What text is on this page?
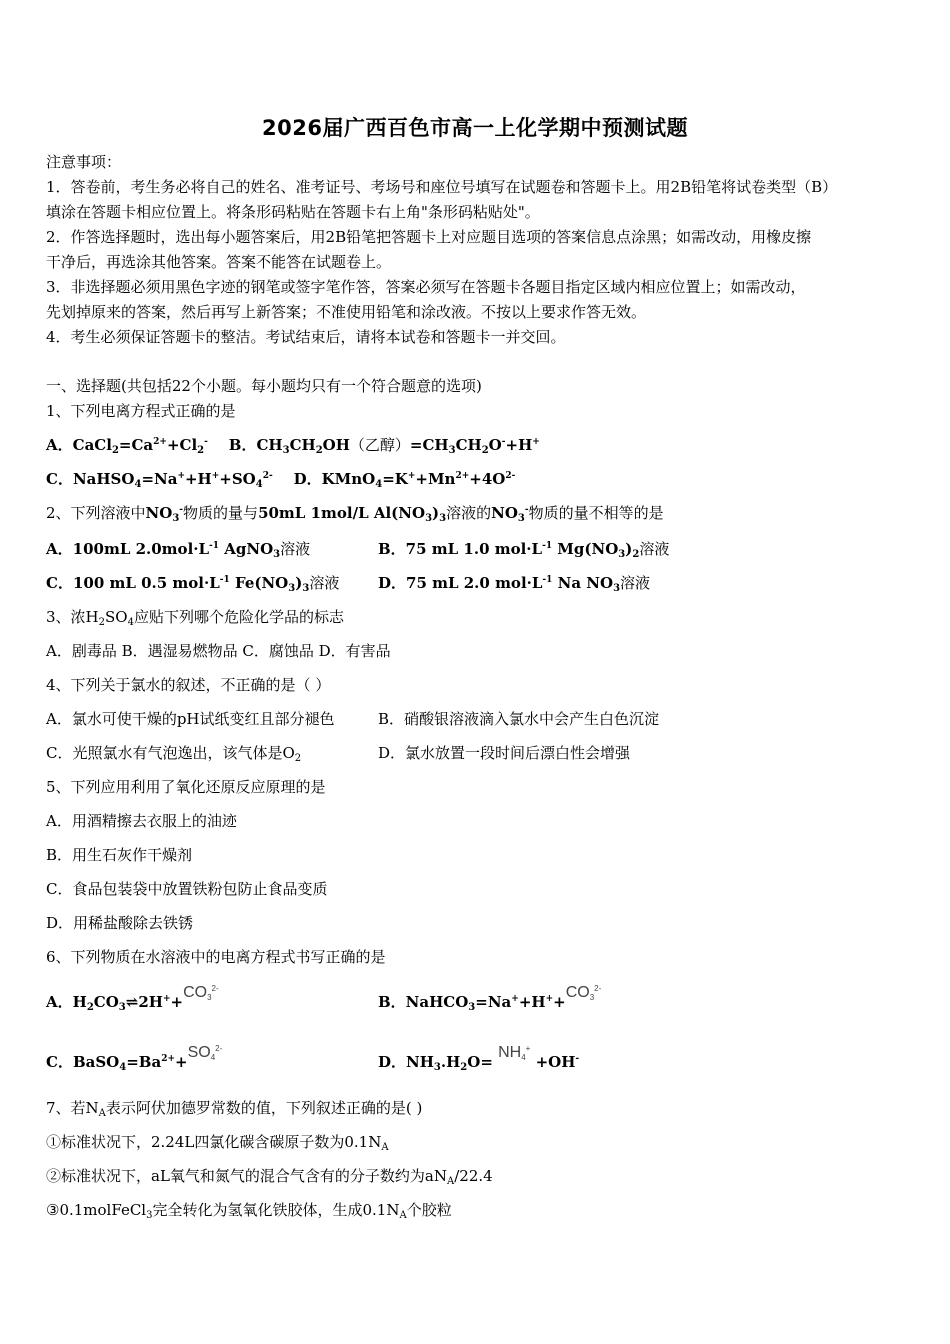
2026届广西百色市高一上化学期中预测试题
注意事项：
1．答卷前，考生务必将自己的姓名、准考证号、考场号和座位号填写在试题卷和答题卡上。用2B铅笔将试卷类型（B）
填涂在答题卡相应位置上。将条形码粘贴在答题卡右上角"条形码粘贴处"。
2．作答选择题时，选出每小题答案后，用2B铅笔把答题卡上对应题目选项的答案信息点涂黑；如需改动，用橡皮擦
干净后，再选涂其他答案。答案不能答在试题卷上。
3．非选择题必须用黑色字迹的钢笔或签字笔作答，答案必须写在答题卡各题目指定区域内相应位置上；如需改动，
先划掉原来的答案，然后再写上新答案；不准使用铅笔和涂改液。不按以上要求作答无效。
4．考生必须保证答题卡的整洁。考试结束后，请将本试卷和答题卡一并交回。
一、选择题(共包括22个小题。每小题均只有一个符合题意的选项)
1、下列电离方程式正确的是
A．$CaCl_2=Ca^{2+}+Cl_2^-$ B．$CH_3CH_2OH$（乙醇）$=CH_3CH_2O^-+H^+$
C．$NaHSO_4=Na^++H^++SO_4^{2-}$ D．$KMnO_4=K^++Mn^{2+}+4O^{2-}$
2、下列溶液中$NO_3^-$物质的量与50mL 1mol/L $Al(NO_3)_3$溶液的$NO_3^-$物质的量不相等的是
A．100mL $2.0mol\cdot L^{-1}$ AgNO$_3$溶液	B．75 mL 1.0 $mol\cdot L^{-1}$ $Mg(NO_3)_2$溶液
C．100 mL 0.5 $mol\cdot L^{-1}$ $Fe(NO_3)_3$溶液	D．75 mL 2.0 $mol\cdot L^{-1}$ Na $NO_3$溶液
3、浓$H_2SO_4$应贴下列哪个危险化学品的标志
A．剧毒品 B．遇湿易燃物品 C．腐蚀品 D．有害品
4、下列关于氯水的叙述，不正确的是（ ）
A．氯水可使干燥的pH试纸变红且部分褪色	B．硝酸银溶液滴入氯水中会产生白色沉淀
C．光照氯水有气泡逸出，该气体是$O_2$	D．氯水放置一段时间后漂白性会增强
5、下列应用利用了氧化还原反应原理的是
A．用酒精擦去衣服上的油迹
B．用生石灰作干燥剂
C．食品包装袋中放置铁粉包防止食品变质
D．用稀盐酸除去铁锈
6、下列物质在水溶液中的电离方程式书写正确的是
A．$H_2CO_3\rightleftharpoons 2H^++CO_3^{2-}$
B．$NaHCO_3=Na^++H^++CO_3^{2-}$
C．$BaSO_4=Ba^{2+}+SO_4^{2-}$
D．$NH_3.H_2O= NH_4^+ +OH^-$
7、若$N_A$表示阿伏加德罗常数的值，下列叙述正确的是( )
①标准状况下，2.24L四氯化碳含碳原子数为$0.1N_A$
②标准状况下，aL氧气和氮气的混合气含有的分子数约为$aN_A/22.4$
③0.1molFeCl$_3$完全转化为氢氧化铁胶体，生成$0.1N_A$个胶粒
